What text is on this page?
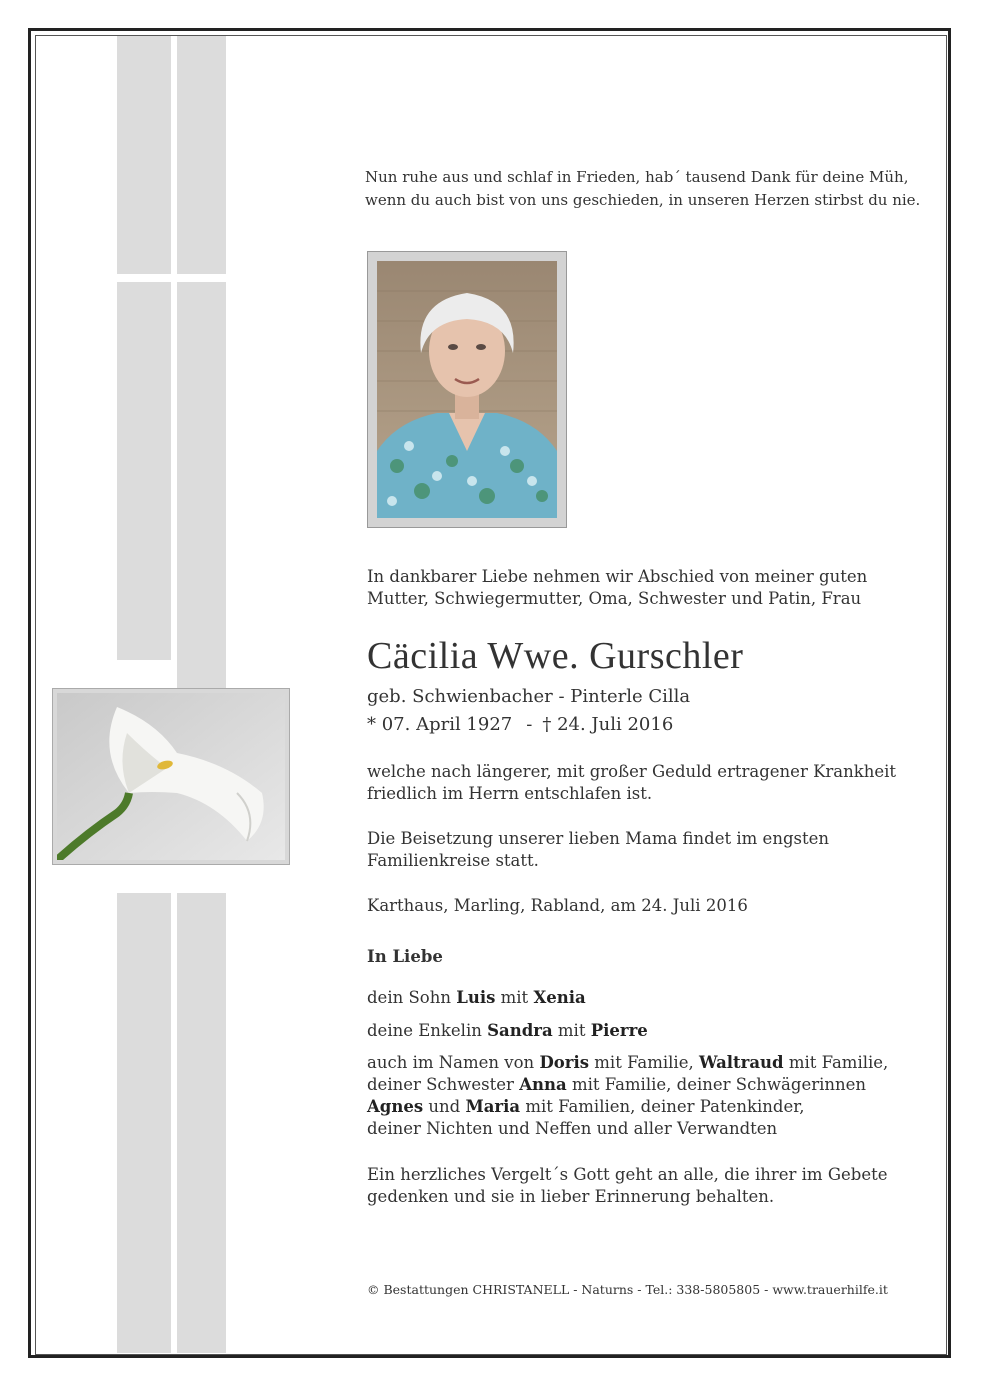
Nun ruhe aus und schlaf in Frieden, hab´ tausend Dank für deine Müh,
wenn du auch bist von uns geschieden, in unseren Herzen stirbst du nie.
In dankbarer Liebe nehmen wir Abschied von meiner guten
Mutter, Schwiegermutter, Oma, Schwester und Patin, Frau
Cäcilia Wwe. Gurschler
geb. Schwienbacher - Pinterle Cilla
* 07. April 1927 - † 24. Juli 2016
welche nach längerer, mit großer Geduld ertragener Krankheit
friedlich im Herrn entschlafen ist.
Die Beisetzung unserer lieben Mama findet im engsten
Familienkreise statt.
Karthaus, Marling, Rabland, am 24. Juli 2016
In Liebe
dein Sohn Luis mit Xenia
deine Enkelin Sandra mit Pierre
auch im Namen von Doris mit Familie, Waltraud mit Familie,
deiner Schwester Anna mit Familie, deiner Schwägerinnen
Agnes und Maria mit Familien, deiner Patenkinder,
deiner Nichten und Neffen und aller Verwandten
Ein herzliches Vergelt´s Gott geht an alle, die ihrer im Gebete
gedenken und sie in lieber Erinnerung behalten.
© Bestattungen CHRISTANELL - Naturns - Tel.: 338-5805805 - www.trauerhilfe.it
